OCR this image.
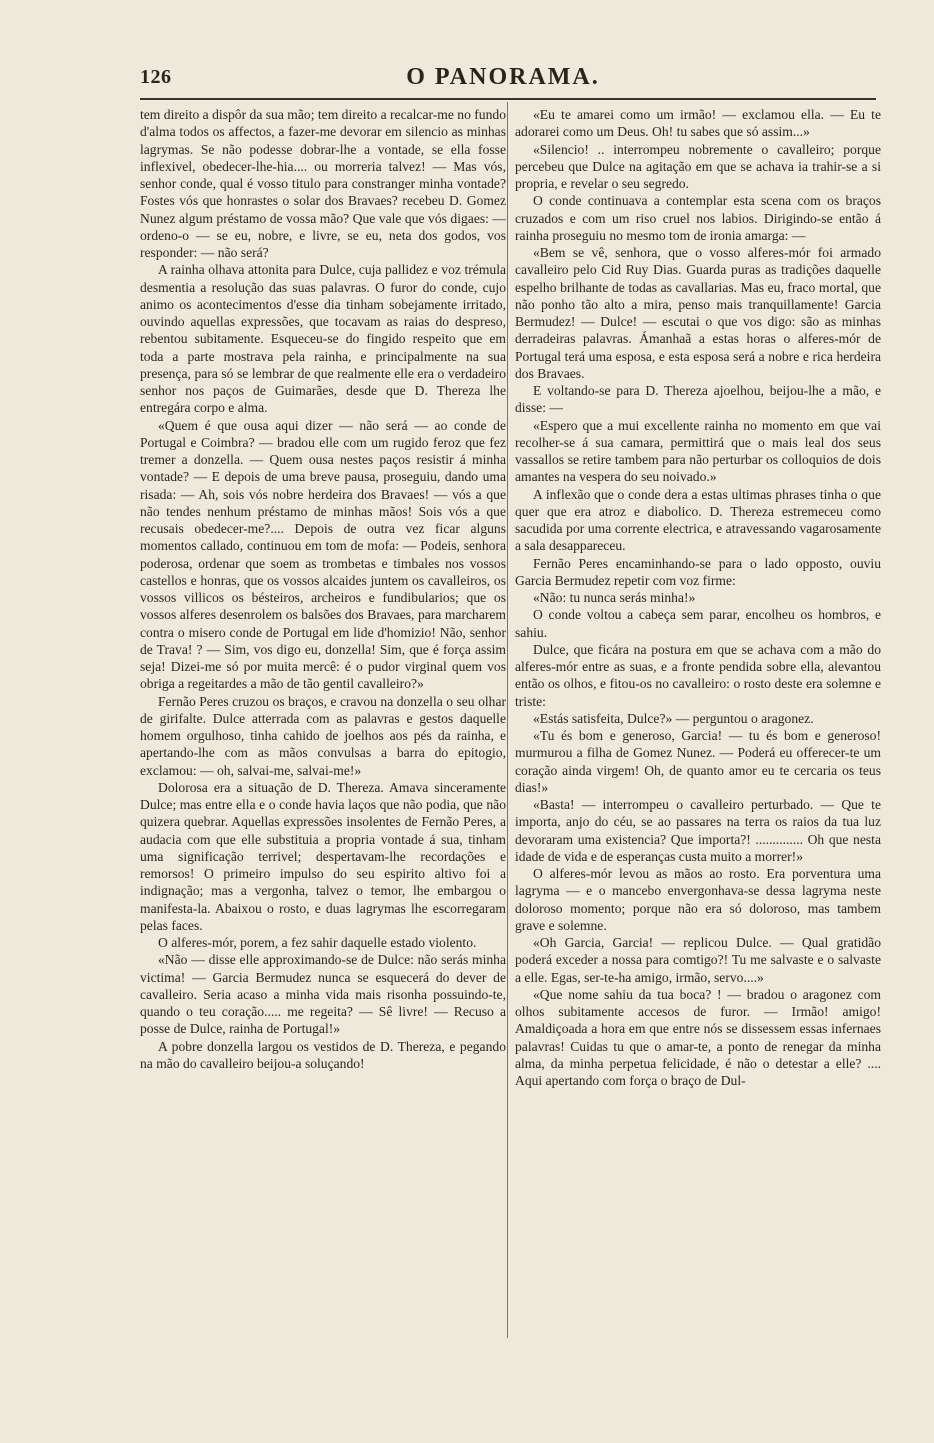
126	O PANORAMA.

tem direito a dispôr da sua mão; tem direito a recalcar-me no fundo d'alma todos os affectos, a fazer-me devorar em silencio as minhas lagrymas. Se não podesse dobrar-lhe a vontade, se ella fosse inflexivel, obedecer-lhe-hia.... ou morreria talvez! — Mas vós, senhor conde, qual é vosso titulo para constranger minha vontade? Fostes vós que honrastes o solar dos Bravaes? recebeu D. Gomez Nunez algum préstamo de vossa mão? Que vale que vós digaes: — ordeno-o — se eu, nobre, e livre, se eu, neta dos godos, vos responder: — não será?

A rainha olhava attonita para Dulce, cuja pallidez e voz trémula desmentia a resolução das suas palavras. O furor do conde, cujo animo os acontecimentos d'esse dia tinham sobejamente irritado, ouvindo aquellas expressões, que tocavam as raias do despreso, rebentou subitamente. Esqueceu-se do fingido respeito que em toda a parte mostrava pela rainha, e principalmente na sua presença, para só se lembrar de que realmente elle era o verdadeiro senhor nos paços de Guimarães, desde que D. Thereza lhe entregára corpo e alma.

«Quem é que ousa aqui dizer — não será — ao conde de Portugal e Coimbra? — bradou elle com um rugido feroz que fez tremer a donzella. — Quem ousa nestes paços resistir á minha vontade? — E depois de uma breve pausa, proseguiu, dando uma risada: — Ah, sois vós nobre herdeira dos Bravaes! — vós a que não tendes nenhum préstamo de minhas mãos! Sois vós a que recusais obedecer-me?.... Depois de outra vez ficar alguns momentos callado, continuou em tom de mofa: — Podeis, senhora poderosa, ordenar que soem as trombetas e timbales nos vossos castellos e honras, que os vossos alcaides juntem os cavalleiros, os vossos villicos os bésteiros, archeiros e fundibularios; que os vossos alferes desenrolem os balsões dos Bravaes, para marcharem contra o misero conde de Portugal em lide d'homizio! Não, senhor de Trava! ? — Sim, vos digo eu, donzella! Sim, que é força assim seja! Dizei-me só por muita mercê: é o pudor virginal quem vos obriga a regeitardes a mão de tão gentil cavalleiro?»

Fernão Peres cruzou os braços, e cravou na donzella o seu olhar de girifalte. Dulce atterrada com as palavras e gestos daquelle homem orgulhoso, tinha cahido de joelhos aos pés da rainha, e apertando-lhe com as mãos convulsas a barra do epitogio, exclamou: — oh, salvai-me, salvai-me!»

Dolorosa era a situação de D. Thereza. Amava sinceramente Dulce; mas entre ella e o conde havia laços que não podia, que não quizera quebrar. Aquellas expressões insolentes de Fernão Peres, a audacia com que elle substituia a propria vontade á sua, tinham uma significação terrivel; despertavam-lhe recordações e remorsos! O primeiro impulso do seu espirito altivo foi a indignação; mas a vergonha, talvez o temor, lhe embargou o manifesta-la. Abaixou o rosto, e duas lagrymas lhe escorregaram pelas faces.

O alferes-mór, porem, a fez sahir daquelle estado violento.

«Não — disse elle approximando-se de Dulce: não serás minha victima! — Garcia Bermudez nunca se esquecerá do dever de cavalleiro. Seria acaso a minha vida mais risonha possuindo-te, quando o teu coração..... me regeita? — Sê livre! — Recuso a posse de Dulce, rainha de Portugal!»

A pobre donzella largou os vestidos de D. Thereza, e pegando na mão do cavalleiro beijou-a soluçando!

«Eu te amarei como um irmão! — exclamou ella. — Eu te adorarei como um Deus. Oh! tu sabes que só assim...»

«Silencio! .. interrompeu nobremente o cavalleiro; porque percebeu que Dulce na agitação em que se achava ia trahir-se a si propria, e revelar o seu segredo.

O conde continuava a contemplar esta scena com os braços cruzados e com um riso cruel nos labios. Dirigindo-se então á rainha proseguiu no mesmo tom de ironia amarga: —

«Bem se vê, senhora, que o vosso alferes-mór foi armado cavalleiro pelo Cid Ruy Dias. Guarda puras as tradições daquelle espelho brilhante de todas as cavallarias. Mas eu, fraco mortal, que não ponho tão alto a mira, penso mais tranquillamente! Garcia Bermudez! — Dulce! — escutai o que vos digo: são as minhas derradeiras palavras. Ámanhaã a estas horas o alferes-mór de Portugal terá uma esposa, e esta esposa será a nobre e rica herdeira dos Bravaes.

E voltando-se para D. Thereza ajoelhou, beijou-lhe a mão, e disse: —

«Espero que a mui excellente rainha no momento em que vai recolher-se á sua camara, permittirá que o mais leal dos seus vassallos se retire tambem para não perturbar os colloquios de dois amantes na vespera do seu noivado.»

A inflexão que o conde dera a estas ultimas phrases tinha o que quer que era atroz e diabolico. D. Thereza estremeceu como sacudida por uma corrente electrica, e atravessando vagarosamente a sala desappareceu.

Fernão Peres encaminhando-se para o lado opposto, ouviu Garcia Bermudez repetir com voz firme:

«Não: tu nunca serás minha!»

O conde voltou a cabeça sem parar, encolheu os hombros, e sahiu.

Dulce, que ficára na postura em que se achava com a mão do alferes-mór entre as suas, e a fronte pendida sobre ella, alevantou então os olhos, e fitou-os no cavalleiro: o rosto deste era solemne e triste:

«Estás satisfeita, Dulce?» — perguntou o aragonez.

«Tu és bom e generoso, Garcia! — tu és bom e generoso! murmurou a filha de Gomez Nunez. — Poderá eu offerecer-te um coração ainda virgem! Oh, de quanto amor eu te cercaria os teus dias!»

«Basta! — interrompeu o cavalleiro perturbado. — Que te importa, anjo do céu, se ao passares na terra os raios da tua luz devoraram uma existencia? Que importa?! .............. Oh que nesta idade de vida e de esperanças custa muito a morrer!»

O alferes-mór levou as mãos ao rosto. Era porventura uma lagryma — e o mancebo envergonhava-se dessa lagryma neste doloroso momento; porque não era só doloroso, mas tambem grave e solemne.

«Oh Garcia, Garcia! — replicou Dulce. — Qual gratidão poderá exceder a nossa para comtigo?! Tu me salvaste e o salvaste a elle. Egas, ser-te-ha amigo, irmão, servo....»

«Que nome sahiu da tua boca? ! — bradou o aragonez com olhos subitamente accesos de furor. — Irmão! amigo! Amaldiçoada a hora em que entre nós se dissessem essas infernaes palavras! Cuidas tu que o amar-te, a ponto de renegar da minha alma, da minha perpetua felicidade, é não o detestar a elle? .... Aqui apertando com força o braço de Dul-
